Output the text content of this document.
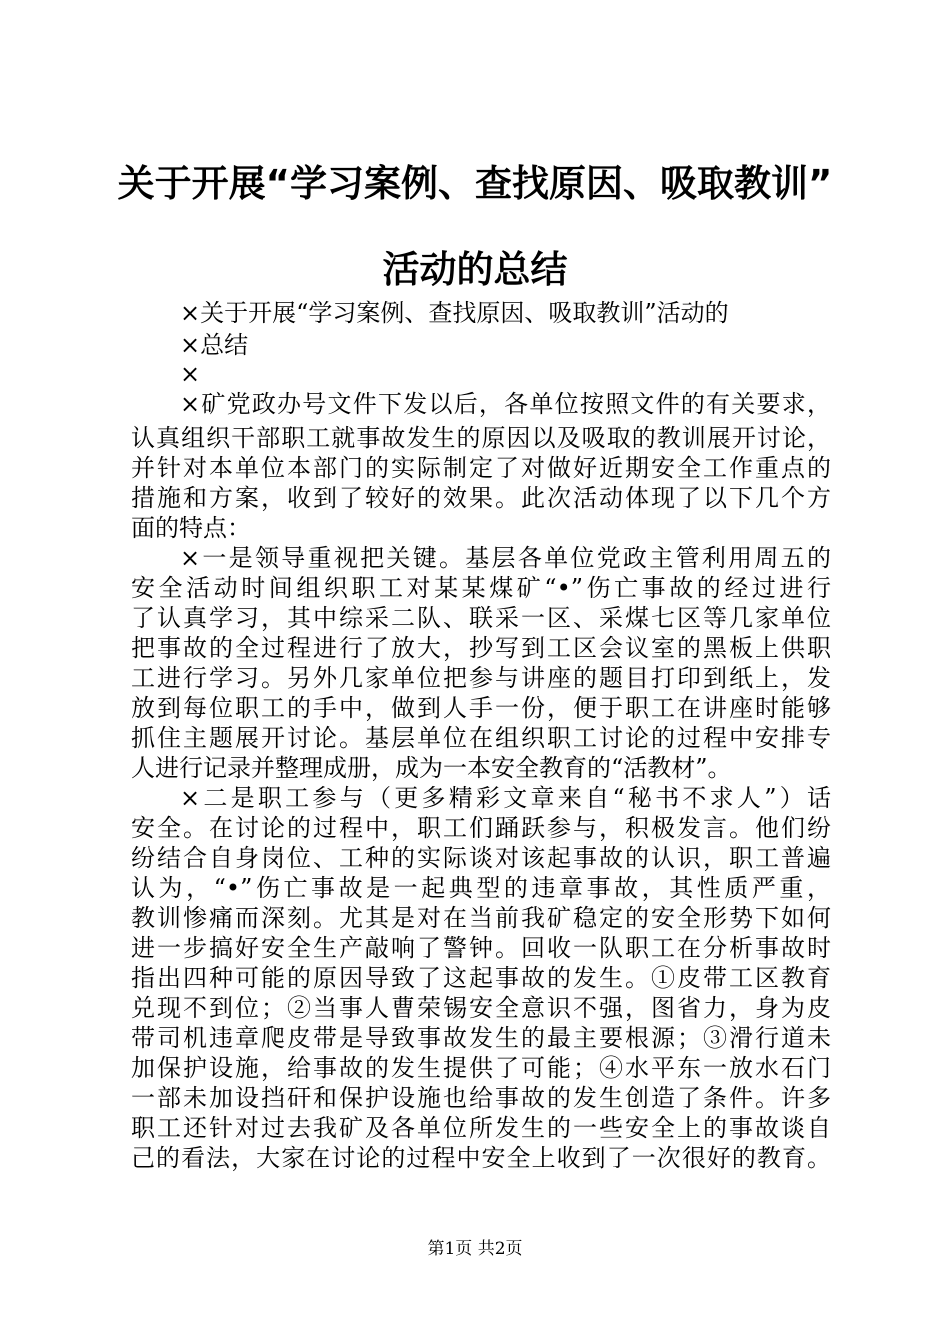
关于开展“学习案例、查找原因、吸取教训”
活动的总结
×关于开展“学习案例、查找原因、吸取教训”活动的
×总结
×
×矿党政办号文件下发以后，各单位按照文件的有关要求，
认真组织干部职工就事故发生的原因以及吸取的教训展开讨论，
并针对本单位本部门的实际制定了对做好近期安全工作重点的
措施和方案，收到了较好的效果。此次活动体现了以下几个方
面的特点：
×一是领导重视把关键。基层各单位党政主管利用周五的
安全活动时间组织职工对某某煤矿“•”伤亡事故的经过进行
了认真学习，其中综采二队、联采一区、采煤七区等几家单位
把事故的全过程进行了放大，抄写到工区会议室的黑板上供职
工进行学习。另外几家单位把参与讲座的题目打印到纸上，发
放到每位职工的手中，做到人手一份，便于职工在讲座时能够
抓住主题展开讨论。基层单位在组织职工讨论的过程中安排专
人进行记录并整理成册，成为一本安全教育的“活教材”。
×二是职工参与（更多精彩文章来自“秘书不求人”）话
安全。在讨论的过程中，职工们踊跃参与，积极发言。他们纷
纷结合自身岗位、工种的实际谈对该起事故的认识，职工普遍
认为，“•”伤亡事故是一起典型的违章事故，其性质严重，
教训惨痛而深刻。尤其是对在当前我矿稳定的安全形势下如何
进一步搞好安全生产敲响了警钟。回收一队职工在分析事故时
指出四种可能的原因导致了这起事故的发生。①皮带工区教育
兑现不到位；②当事人曹荣锡安全意识不强，图省力，身为皮
带司机违章爬皮带是导致事故发生的最主要根源；③滑行道未
加保护设施，给事故的发生提供了可能；④水平东一放水石门
一部未加设挡矸和保护设施也给事故的发生创造了条件。许多
职工还针对过去我矿及各单位所发生的一些安全上的事故谈自
己的看法，大家在讨论的过程中安全上收到了一次很好的教育。
第1页 共2页
